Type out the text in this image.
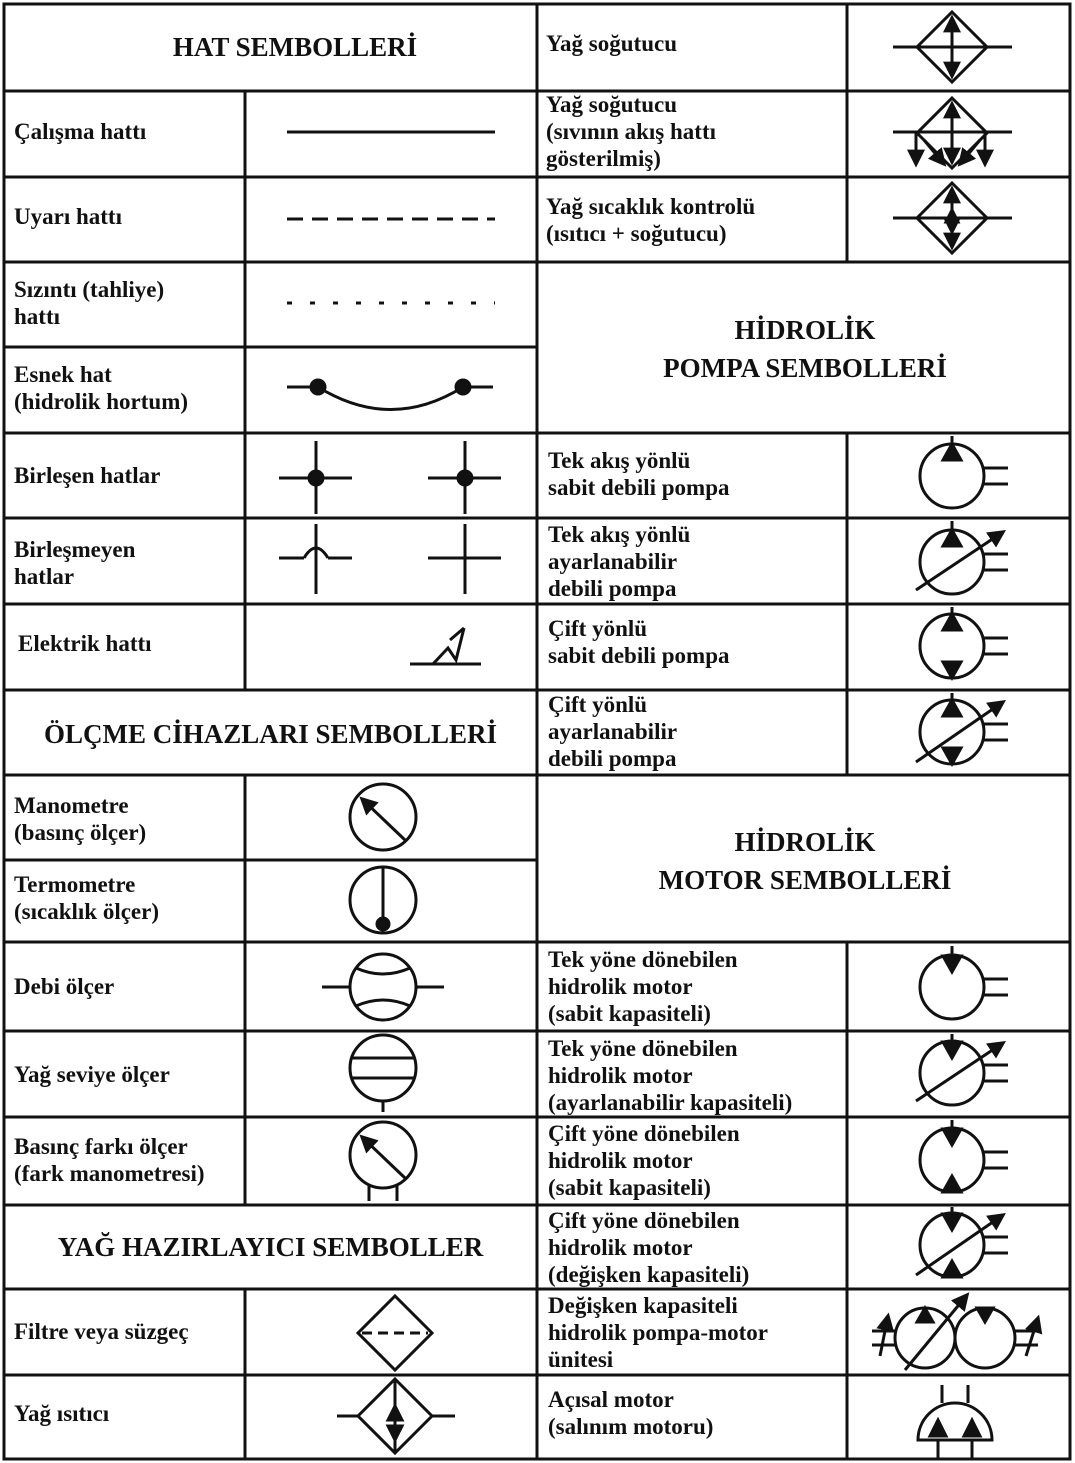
HAT SEMBOLLERİ
Çalışma hattı
Uyarı hattı
Sızıntı (tahliye)
hattı
Esnek hat
(hidrolik hortum)
Birleşen hatlar
Birleşmeyen
hatlar
Elektrik hattı
ÖLÇME CİHAZLARI SEMBOLLERİ
Manometre
(basınç ölçer)
Termometre
(sıcaklık ölçer)
Debi ölçer
Yağ seviye ölçer
Basınç farkı ölçer
(fark manometresi)
YAĞ HAZIRLAYICI SEMBOLLER
Filtre veya süzgeç
Yağ ısıtıcı
Yağ soğutucu
Yağ soğutucu
(sıvının akış hattı
gösterilmiş)
Yağ sıcaklık kontrolü
(ısıtıcı + soğutucu)
HİDROLİK
POMPA SEMBOLLERİ
Tek akış yönlü
sabit debili pompa
Tek akış yönlü
ayarlanabilir
debili pompa
Çift yönlü
sabit debili pompa
Çift yönlü
ayarlanabilir
debili pompa
HİDROLİK
MOTOR SEMBOLLERİ
Tek yöne dönebilen
hidrolik motor
(sabit kapasiteli)
Tek yöne dönebilen
hidrolik motor
(ayarlanabilir kapasiteli)
Çift yöne dönebilen
hidrolik motor
(sabit kapasiteli)
Çift yöne dönebilen
hidrolik motor
(değişken kapasiteli)
Değişken kapasiteli
hidrolik pompa-motor
ünitesi
Açısal motor
(salınım motoru)
